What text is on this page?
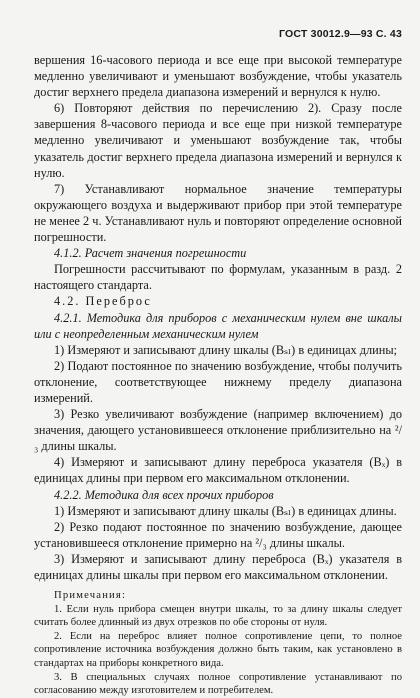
ГОСТ 30012.9—93 С. 43

вершения 16-часового периода и все еще при высокой температуре медленно увеличивают и уменьшают возбуждение, чтобы указатель достиг верхнего предела диапазона измерений и вернулся к нулю.

6) Повторяют действия по перечислению 2). Сразу после завершения 8-часового периода и все еще при низкой температуре медленно увеличивают и уменьшают возбуждение так, чтобы указатель достиг верхнего предела диапазона измерений и вернулся к нулю.

7) Устанавливают нормальное значение температуры окружающего воздуха и выдерживают прибор при этой температуре не менее 2 ч. Устанавливают нуль и повторяют определение основной погрешности.

4.1.2. Расчет значения погрешности

Погрешности рассчитывают по формулам, указанным в разд. 2 настоящего стандарта.

4.2. Переброс

4.2.1. Методика для приборов с механическим нулем вне шкалы или с неопределенным механическим нулем

1) Измеряют и записывают длину шкалы (Bₛₗ) в единицах длины;

2) Подают постоянное по значению возбуждение, чтобы получить отклонение, соответствующее нижнему пределу диапазона измерений.

3) Резко увеличивают возбуждение (например включением) до значения, дающего установившееся отклонение приблизительно на ²/₃ длины шкалы.

4) Измеряют и записывают длину переброса указателя (Bₓ) в единицах длины при первом его максимальном отклонении.

4.2.2. Методика для всех прочих приборов

1) Измеряют и записывают длину шкалы (Bₛₗ) в единицах длины.

2) Резко подают постоянное по значению возбуждение, дающее установившееся отклонение примерно на ²/₃ длины шкалы.

3) Измеряют и записывают длину переброса (Bₓ) указателя в единицах длины шкалы при первом его максимальном отклонении.

Примечания:

1. Если нуль прибора смещен внутри шкалы, то за длину шкалы следует считать более длинный из двух отрезков по обе стороны от нуля.

2. Если на переброс влияет полное сопротивление цепи, то полное сопротивление источника возбуждения должно быть таким, как установлено в стандартах на приборы конкретного вида.

3. В специальных случаях полное сопротивление устанавливают по согласованию между изготовителем и потребителем.
